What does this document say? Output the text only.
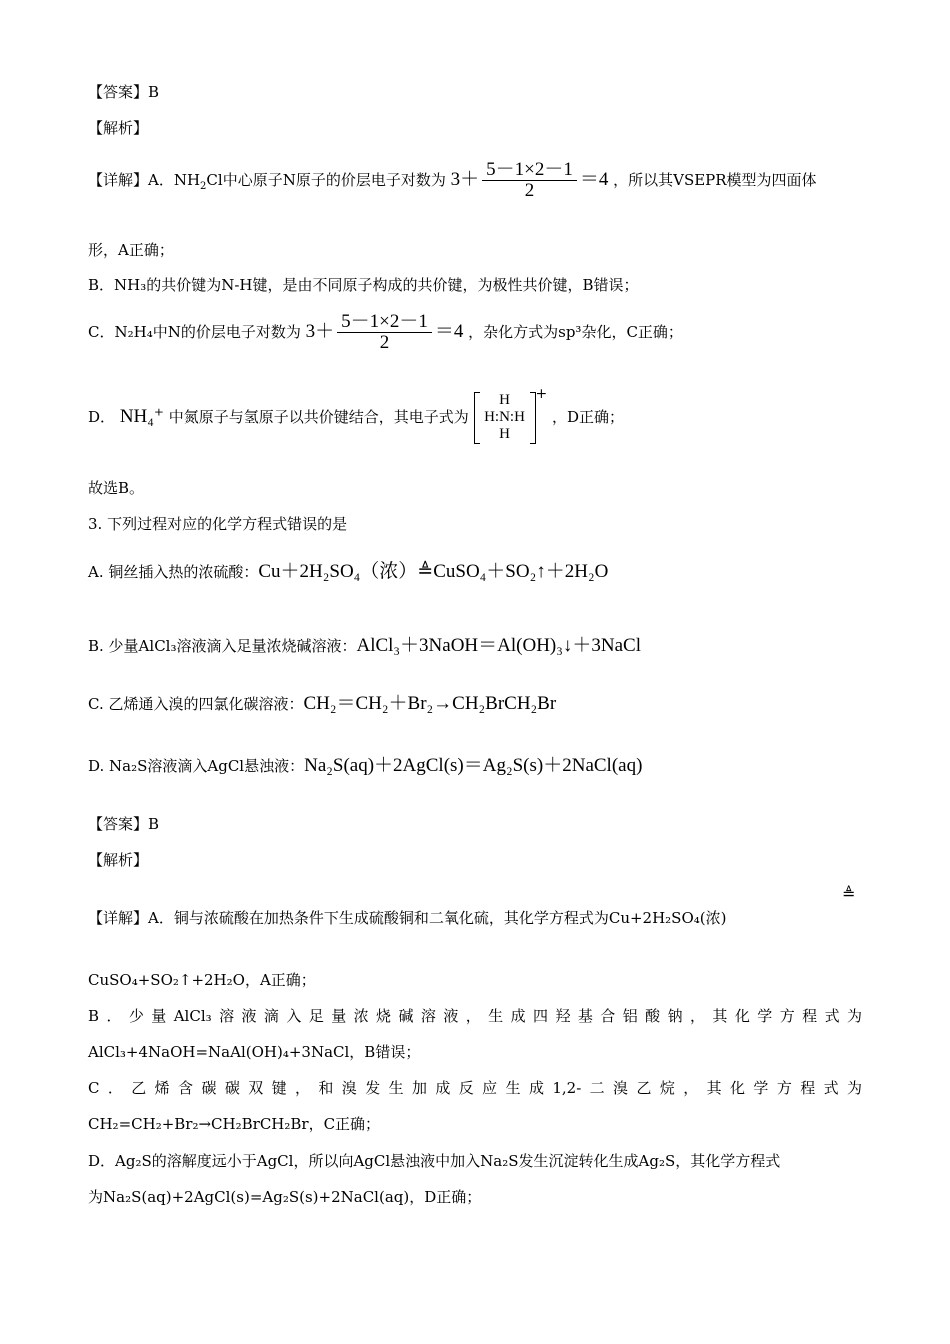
【答案】B
【解析】
【详解】A．$NH_2Cl$中心原子N原子的价层电子对数为 $3+ \frac{5-1\times 2-1}{2} =4$ ，所以其VSEPR模型为四面体
形，A正确；
B．NH₃的共价键为N-H键，是由不同原子构成的共价键，为极性共价键，B错误；
C．N₂H₄中N的价层电子对数为 $3+ \frac{5-1\times 2-1}{2} =4$ ，杂化方式为sp³杂化，C正确；
D． NH₄⁺ 中氮原子与氢原子以共价键结合，其电子式为
H
H:N:H
H
+ ，D正确；
故选B。
3. 下列过程对应的化学方程式错误的是
A. 铜丝插入热的浓硫酸：Cu＋2H₂SO₄（浓）≜CuSO₄＋SO₂↑＋2H₂O
B. 少量AlCl₃溶液滴入足量浓烧碱溶液：AlCl₃＋3NaOH＝Al(OH)₃↓＋3NaCl
C. 乙烯通入溴的四氯化碳溶液：CH₂＝CH₂＋Br₂→CH₂BrCH₂Br
D. Na₂S溶液滴入AgCl悬浊液：Na₂S(aq)＋2AgCl(s)＝Ag₂S(s)＋2NaCl(aq)
【答案】B
【解析】
【详解】A．铜与浓硫酸在加热条件下生成硫酸铜和二氧化硫，其化学方程式为Cu+2H₂SO₄(浓)
≜
CuSO₄+SO₂↑+2H₂O，A正确；
B．少量AlCl₃溶液滴入足量浓烧碱溶液，生成四羟基合铝酸钠，其化学方程式为
AlCl₃+4NaOH=NaAl(OH)₄+3NaCl，B错误；
C．乙烯含碳碳双键，和溴发生加成反应生成1,2-二溴乙烷，其化学方程式为
CH₂=CH₂+Br₂→CH₂BrCH₂Br，C正确；
D．Ag₂S的溶解度远小于AgCl，所以向AgCl悬浊液中加入Na₂S发生沉淀转化生成Ag₂S，其化学方程式
为Na₂S(aq)+2AgCl(s)=Ag₂S(s)+2NaCl(aq)，D正确；
